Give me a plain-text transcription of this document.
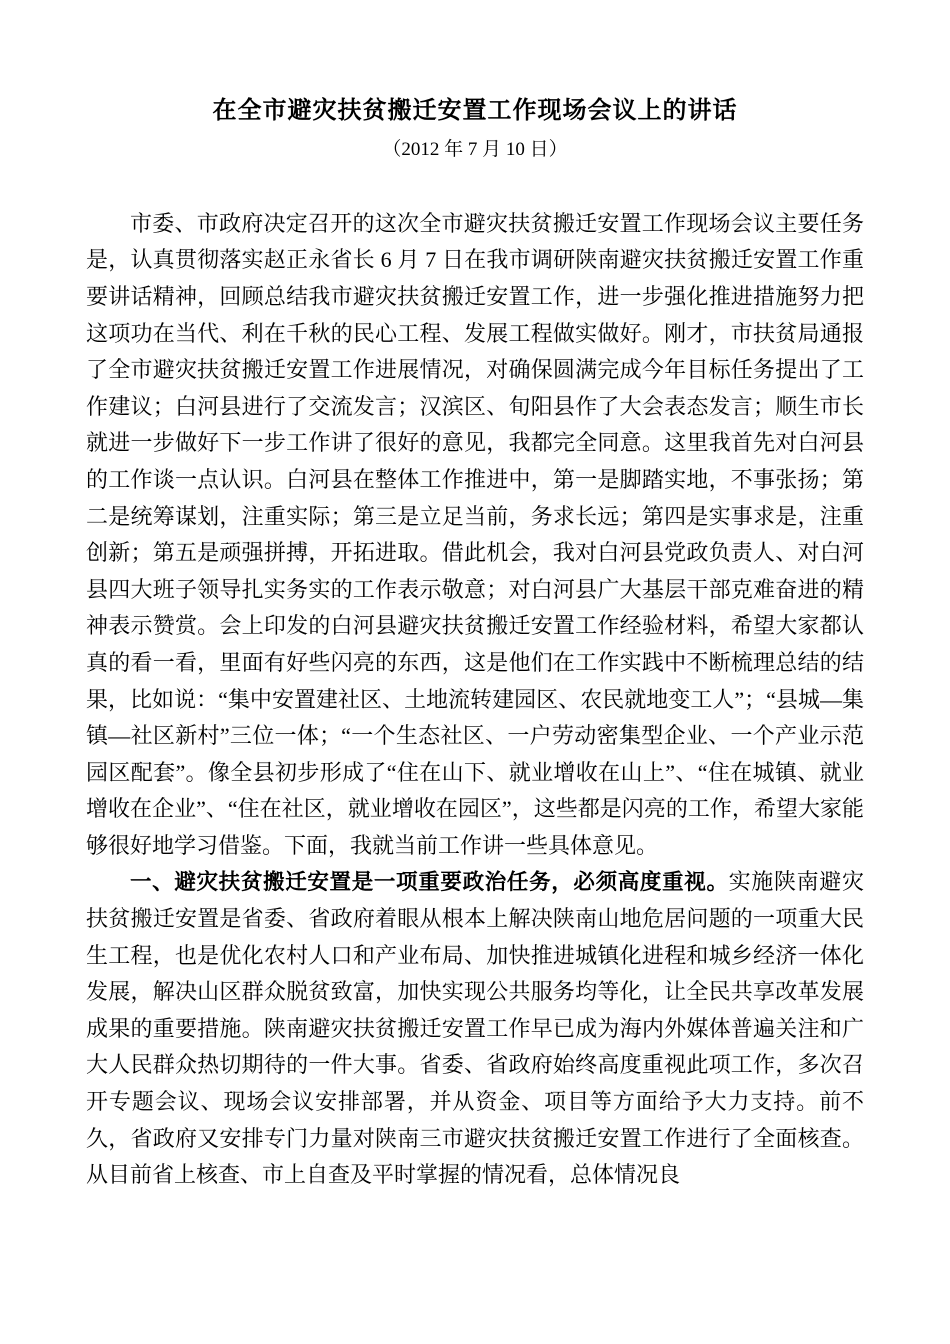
在全市避灾扶贫搬迁安置工作现场会议上的讲话
（2012 年 7 月 10 日）

市委、市政府决定召开的这次全市避灾扶贫搬迁安置工作现场会议主要任务是，认真贯彻落实赵正永省长 6 月 7 日在我市调研陕南避灾扶贫搬迁安置工作重要讲话精神，回顾总结我市避灾扶贫搬迁安置工作，进一步强化推进措施努力把这项功在当代、利在千秋的民心工程、发展工程做实做好。刚才，市扶贫局通报了全市避灾扶贫搬迁安置工作进展情况，对确保圆满完成今年目标任务提出了工作建议；白河县进行了交流发言；汉滨区、旬阳县作了大会表态发言；顺生市长就进一步做好下一步工作讲了很好的意见，我都完全同意。这里我首先对白河县的工作谈一点认识。白河县在整体工作推进中，第一是脚踏实地，不事张扬；第二是统筹谋划，注重实际；第三是立足当前，务求长远；第四是实事求是，注重创新；第五是顽强拼搏，开拓进取。借此机会，我对白河县党政负责人、对白河县四大班子领导扎实务实的工作表示敬意；对白河县广大基层干部克难奋进的精神表示赞赏。会上印发的白河县避灾扶贫搬迁安置工作经验材料，希望大家都认真的看一看，里面有好些闪亮的东西，这是他们在工作实践中不断梳理总结的结果，比如说：“集中安置建社区、土地流转建园区、农民就地变工人”；“县城—集镇—社区新村”三位一体；“一个生态社区、一户劳动密集型企业、一个产业示范园区配套”。像全县初步形成了“住在山下、就业增收在山上”、“住在城镇、就业增收在企业”、“住在社区，就业增收在园区”，这些都是闪亮的工作，希望大家能够很好地学习借鉴。下面，我就当前工作讲一些具体意见。

一、避灾扶贫搬迁安置是一项重要政治任务，必须高度重视。实施陕南避灾扶贫搬迁安置是省委、省政府着眼从根本上解决陕南山地危居问题的一项重大民生工程，也是优化农村人口和产业布局、加快推进城镇化进程和城乡经济一体化发展，解决山区群众脱贫致富，加快实现公共服务均等化，让全民共享改革发展成果的重要措施。陕南避灾扶贫搬迁安置工作早已成为海内外媒体普遍关注和广大人民群众热切期待的一件大事。省委、省政府始终高度重视此项工作，多次召开专题会议、现场会议安排部署，并从资金、项目等方面给予大力支持。前不久，省政府又安排专门力量对陕南三市避灾扶贫搬迁安置工作进行了全面核查。从目前省上核查、市上自查及平时掌握的情况看，总体情况良
